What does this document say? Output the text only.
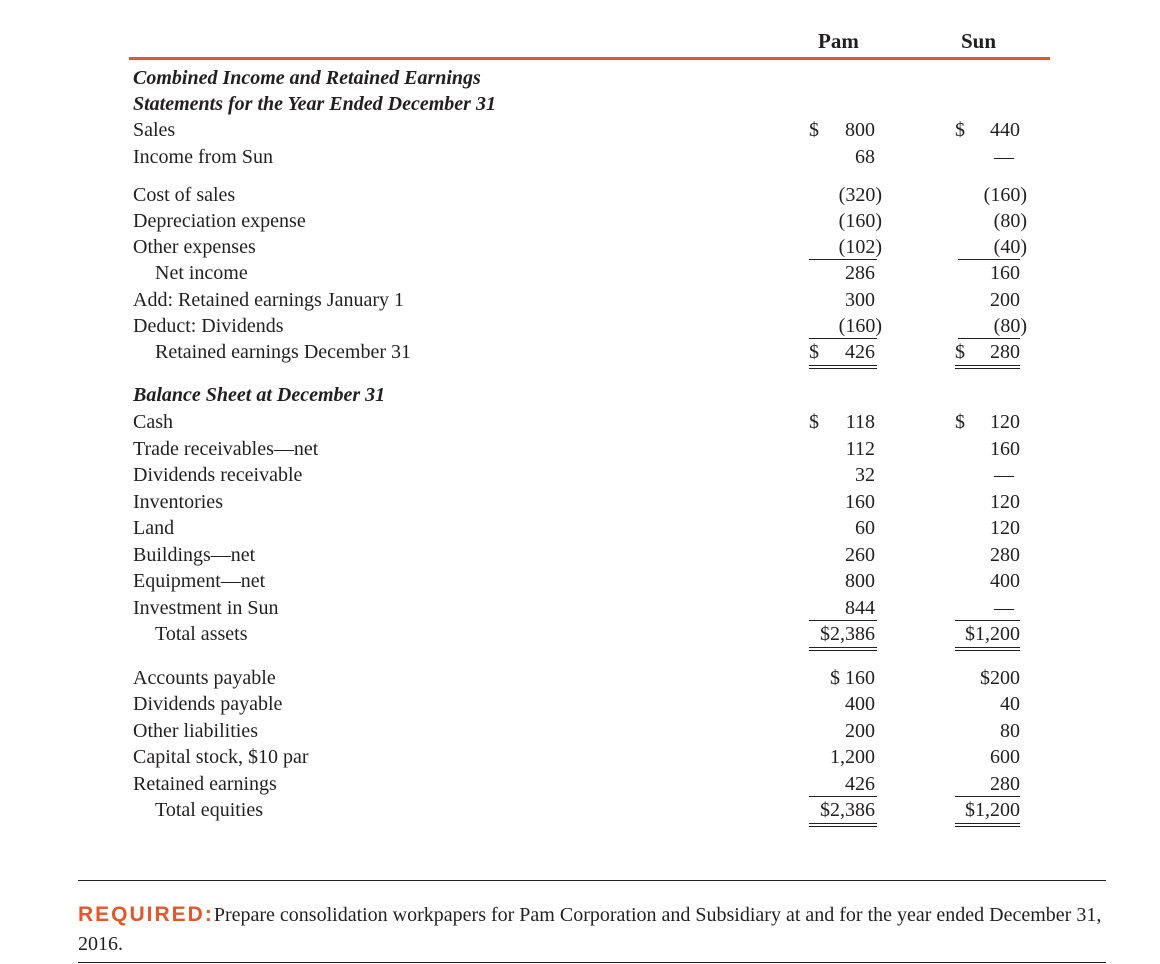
Pam	Sun
Combined Income and Retained Earnings
Statements for the Year Ended December 31
Sales	$ 800	$ 440
Income from Sun	68	—
Cost of sales	(320)	(160)
Depreciation expense	(160)	(80)
Other expenses	(102)	(40)
Net income	286	160
Add: Retained earnings January 1	300	200
Deduct: Dividends	(160)	(80)
Retained earnings December 31	$ 426	$ 280
Balance Sheet at December 31
Cash	$ 118	$ 120
Trade receivables—net	112	160
Dividends receivable	32	—
Inventories	160	120
Land	60	120
Buildings—net	260	280
Equipment—net	800	400
Investment in Sun	844	—
Total assets	$2,386	$1,200
Accounts payable	$ 160	$200
Dividends payable	400	40
Other liabilities	200	80
Capital stock, $10 par	1,200	600
Retained earnings	426	280
Total equities	$2,386	$1,200
REQUIRED:Prepare consolidation workpapers for Pam Corporation and Subsidiary at and for the year ended December 31, 2016.
